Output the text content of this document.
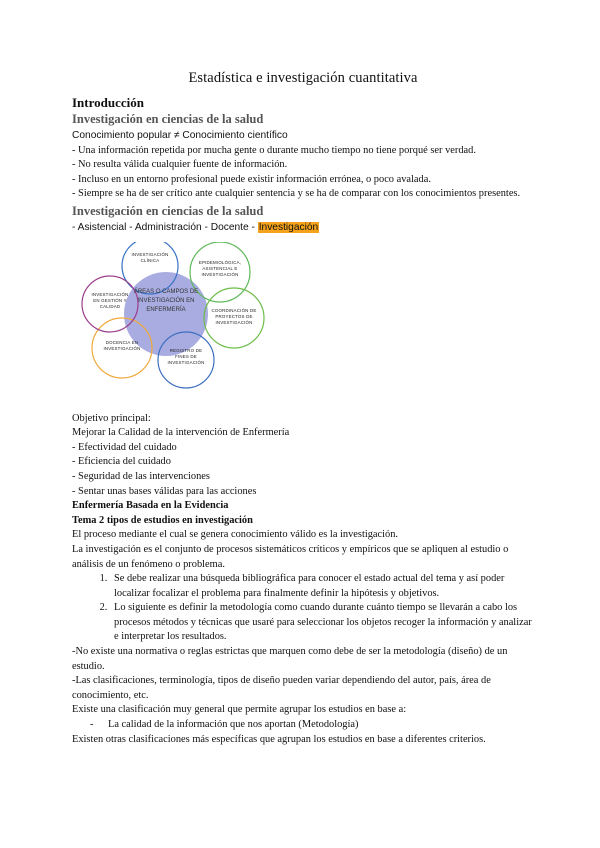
Estadística e investigación cuantitativa

Introducción

Investigación en ciencias de la salud

Conocimiento popular ≠ Conocimiento científico

- Una información repetida por mucha gente o durante mucho tiempo no tiene porqué ser verdad.

- No resulta válida cualquier fuente de información.

- Incluso en un entorno profesional puede existir información errónea, o poco avalada.

- Siempre se ha de ser crítico ante cualquier sentencia y se ha de comparar con los conocimientos presentes.

Investigación en ciencias de la salud

- Asistencial - Administración - Docente - Investigación

INVESTIGACIÓN CLÍNICA	EPIDEMIOLÓGICA, ASISTENCIAL E INVESTIGACIÓN
COORDINACIÓN DE PROYECTOS DE INVESTIGACIÓN
REGISTRO DE FINES DE INVESTIGACIÓN
DOCENCIA EN INVESTIGACIÓN
INVESTIGACIÓN EN GESTIÓN Y CALIDAD
ÁREAS O CAMPOS DE INVESTIGACIÓN EN ENFERMERÍA

Objetivo principal:

Mejorar la Calidad de la intervención de Enfermería

- Efectividad del cuidado

- Eficiencia del cuidado

- Seguridad de las intervenciones

- Sentar unas bases válidas para las acciones

Enfermería Basada en la Evidencia

Tema 2 tipos de estudios en investigación

El proceso mediante el cual se genera conocimiento válido es la investigación.

La investigación es el conjunto de procesos sistemáticos críticos y empíricos que se apliquen al estudio o análisis de un fenómeno o problema.

1. Se debe realizar una búsqueda bibliográfica para conocer el estado actual del tema y así poder localizar focalizar el problema para finalmente definir la hipótesis y objetivos.
2. Lo siguiente es definir la metodología como cuando durante cuánto tiempo se llevarán a cabo los procesos métodos y técnicas que usaré para seleccionar los objetos recoger la información y analizar e interpretar los resultados.

-No existe una normativa o reglas estrictas que marquen como debe de ser la metodología (diseño) de un estudio.

-Las clasificaciones, terminología, tipos de diseño pueden variar dependiendo del autor, país, área de conocimiento, etc.

Existe una clasificación muy general que permite agrupar los estudios en base a:

- La calidad de la información que nos aportan (Metodología)

Existen otras clasificaciones más específicas que agrupan los estudios en base a diferentes criterios.
